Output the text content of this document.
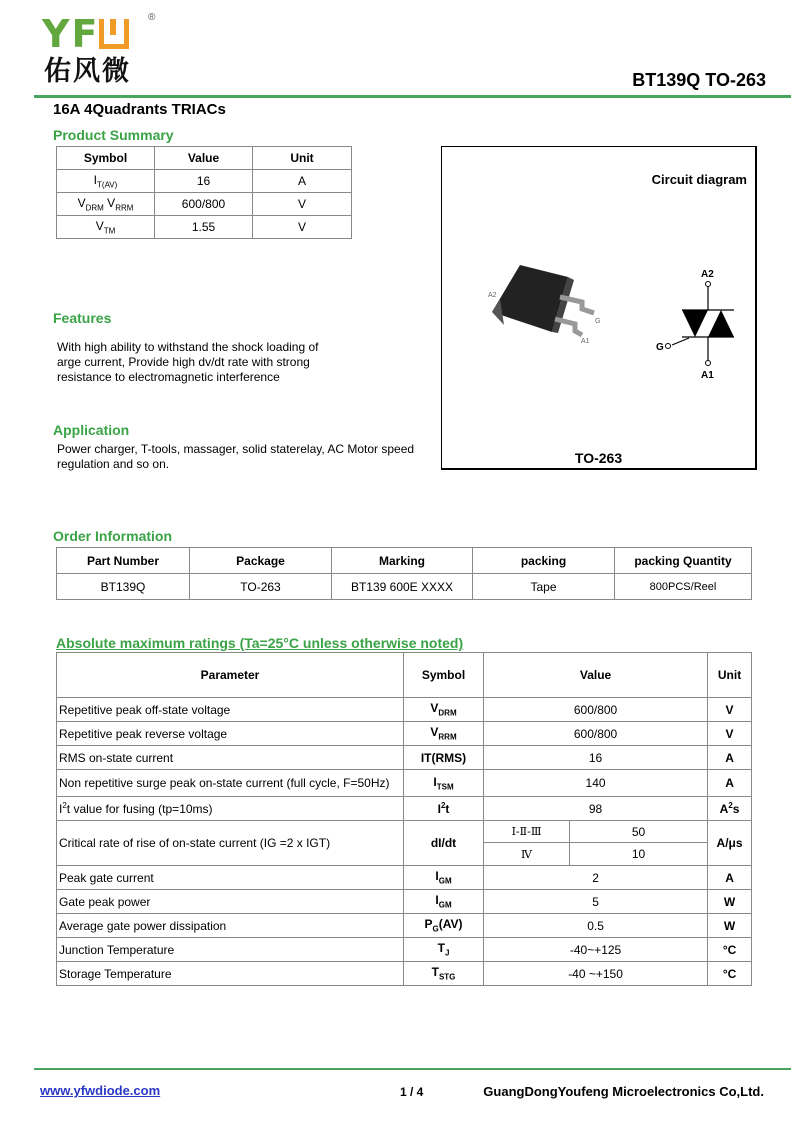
YF	®
佑风微	BT139Q TO-263
16A 4Quadrants TRIACs
Product Summary
Symbol	Value	Unit
$I_{T(AV)}$	16	A
$V_{DRM}$ $V_{RRM}$	600/800	V
$V_{TM}$	1.55	V
Features
With high ability to withstand the shock loading of
arge current, Provide high dv/dt rate with strong
resistance to electromagnetic interference
Application
Power charger, T-tools, massager, solid staterelay, AC Motor speed
regulation and so on.
Circuit diagram
A2
G
A1
A2
A1
G
TO-263
Order Information
Part Number	Package	Marking	packing	packing Quantity
BT139Q	TO-263	BT139 600E XXXX	Tape	800PCS/Reel
Absolute maximum ratings (Ta=25°C unless otherwise noted)
Parameter	Symbol	Value		Unit
Repetitive peak off-state voltage	$V_{DRM}$	600/800		V
Repetitive peak reverse voltage	$V_{RRM}$	600/800		V
RMS on-state current	IT(RMS)	16		A
Non repetitive surge peak on-state current (full cycle, F=50Hz)	$I_{TSM}$	140		A
$I^2t$ value for fusing (tp=10ms)	$I^2t$	98		$A^2s$
Critical rate of rise of on-state current (IG =2 x IGT)	dI/dt	Ⅰ-Ⅱ-Ⅲ	50	A/μs
		Ⅳ	10	
Peak gate current	$I_{GM}$	2		A
Gate peak power	$I_{GM}$	5		W
Average gate power dissipation	$P_G(AV)$	0.5		W
Junction Temperature	$T_J$	-40~+125		°C
Storage Temperature	$T_{STG}$	-40 ~+150		°C
www.yfwdiode.com	1 / 4	GuangDongYoufeng Microelectronics Co,Ltd.
